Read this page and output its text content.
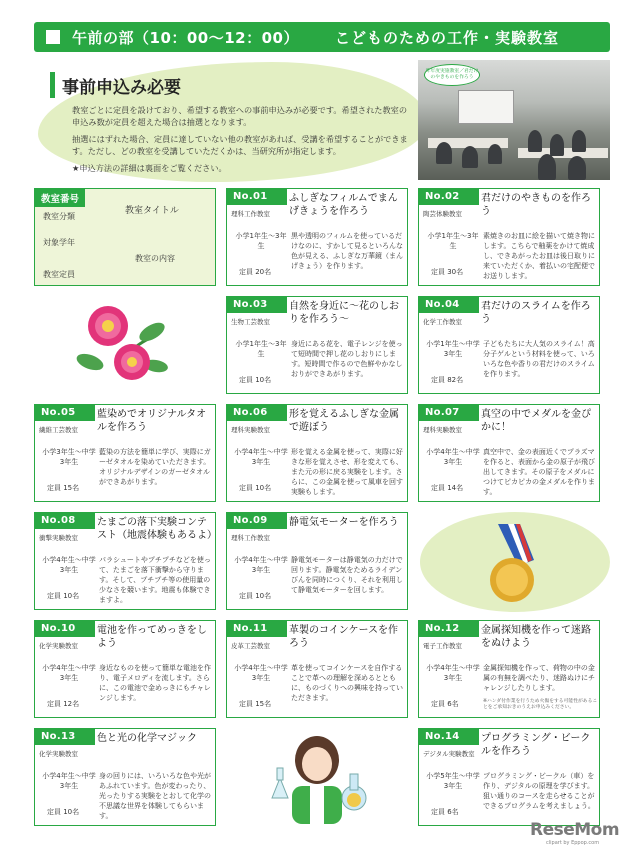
午前の部（10：00〜12：00） こどものための工作・実験教室
事前申込み必要

教室ごとに定員を設けており、希望する教室への事前申込みが必要です。希望された教室の申込み数が定員を超えた場合は抽選となります。

抽選にはずれた場合、定員に達していない他の教室があれば、受講を希望することができます。ただし、どの教室を受講していただくかは、当研究所が指定します。

★申込方法の詳細は裏面をご覧ください。

昨年度実施教室／君だけのやきものを作ろう
教室番号
教室分類
教室タイトル
対象学年
教室の内容
教室定員
No.01
理科工作教室
ふしぎなフィルムでまんげきょうを作ろう
小学1年生〜3年生
定員 20名
黒や透明のフィルムを使っているだけなのに、すかして見るといろんな色が見える、ふしぎな万華鏡（まんげきょう）を作ります。
No.02
陶芸体験教室
君だけのやきものを作ろう
小学1年生〜3年生
定員 30名
素焼きのお皿に絵を描いて焼き物にします。こちらで釉薬をかけて焼成し、できあがったお皿は後日取りに来ていただくか、着払いの宅配便でお送りします。
No.03
生物工芸教室
自然を身近に〜花のしおりを作ろう〜
小学1年生〜3年生
定員 10名
身近にある花を、電子レンジを使って短時間で押し花のしおりにします。短時間で作るので色鮮やかなしおりができあがります。
No.04
化学工作教室
君だけのスライムを作ろう
小学1年生〜中学3年生
定員 82名
子どもたちに大人気のスライム！高分子ゲルという材料を使って、いろいろな色や香りの君だけのスライムを作ります。
No.05
繊維工芸教室
藍染めでオリジナルタオルを作ろう
小学3年生〜中学3年生
定員 15名
藍染の方法を簡単に学び、実際にガーゼタオルを染めていただきます。オリジナルデザインのガーゼタオルができあがります。
No.06
理科実験教室
形を覚えるふしぎな金属で遊ぼう
小学4年生〜中学3年生
定員 10名
形を覚える金属を使って、実際に好きな形を覚えさせ、形を変えても、また元の形に戻る実験をします。さらに、この金属を使って風車を回す実験もします。
No.07
理科実験教室
真空の中でメダルを金ぴかに！
小学4年生〜中学3年生
定員 14名
真空中で、金の表面近くでプラズマを作ると、表面から金の原子が飛び出してきます。その原子をメダルにつけてピカピカの金メダルを作ります。
No.08
衝撃実験教室
たまごの落下実験コンテスト（地震体験もあるよ）
小学4年生〜中学3年生
定員 10名
パラシュートやプチプチなどを使って、たまごを落下衝撃から守ります。そして、プチプチ等の使用量の少なさを競います。地震も体験できますよ。
No.09
理科工作教室
静電気モーターを作ろう
小学4年生〜中学3年生
定員 10名
静電気モーターは静電気の力だけで回ります。静電気をためるライデンびんを同時につくり、それを利用して静電気モーターを回します。
No.10
化学実験教室
電池を作ってめっきをしよう
小学4年生〜中学3年生
定員 12名
身近なものを使って簡単な電池を作り、電子メロディを流します。さらに、この電池で金めっきにもチャレンジします。
No.11
皮革工芸教室
革製のコインケースを作ろう
小学4年生〜中学3年生
定員 15名
革を使ってコインケースを自作することで革への理解を深めるとともに、ものづくりへの興味を持っていただきます。
No.12
電子工作教室
金属探知機を作って迷路をぬけよう
小学4年生〜中学3年生
定員 6名
金属探知機を作って、荷物の中の金属の有無を調べたり、迷路ぬけにチャレンジしたりします。
※ハンダ付作業を行うため火傷をする可能性があることをご承知おきのうえお申込みください。
No.13
化学実験教室
色と光の化学マジック
小学4年生〜中学3年生
定員 10名
身の回りには、いろいろな色や光があふれています。色が変わったり、光ったりする実験をとおして化学の不思議な世界を体験してもらいます。
No.14
デジタル実験教室
プログラミング・ビークルを作ろう
小学5年生〜中学3年生
定員 6名
プログラミング・ビークル（車）を作り、デジタルの原理を学びます。狙い通りのコースを走らせることができるプログラムを考えましょう。
ReseMom
clipart by Eppop.com
